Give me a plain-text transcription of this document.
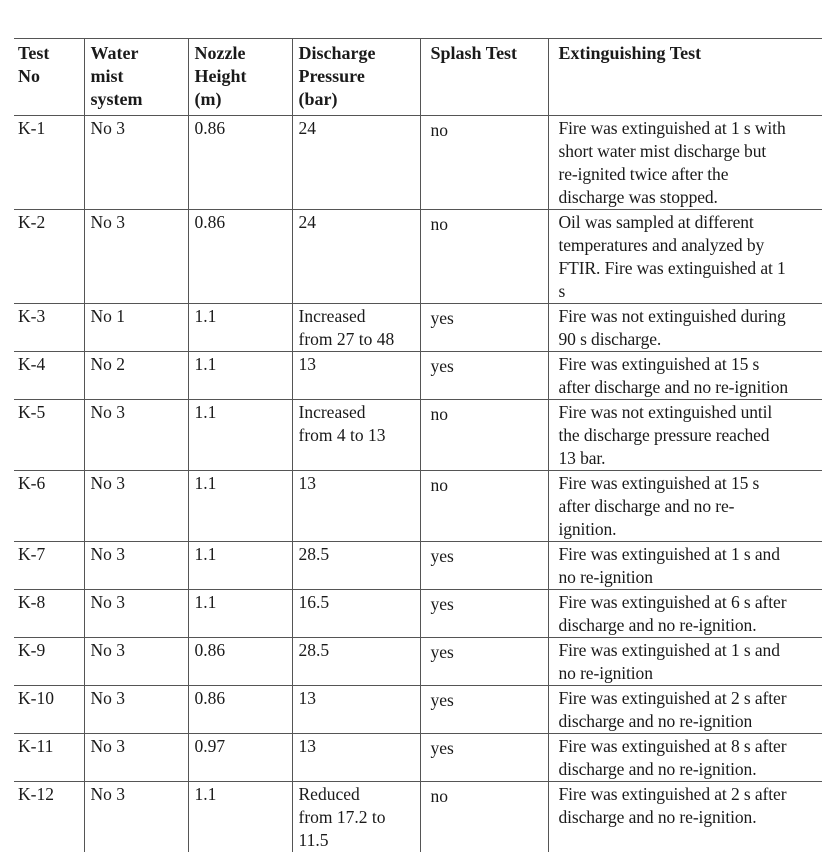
Test
No	Water
mist
system	Nozzle
Height
(m)	Discharge
Pressure
(bar)	Splash Test	Extinguishing Test
K-1	No 3	0.86	24	no	Fire was extinguished at 1 s with
short water mist discharge but
re-ignited twice after the
discharge was stopped.
K-2	No 3	0.86	24	no	Oil was sampled at different
temperatures and analyzed by
FTIR. Fire was extinguished at 1
s
K-3	No 1	1.1	Increased
from 27 to 48	yes	Fire was not extinguished during
90 s discharge.
K-4	No 2	1.1	13	yes	Fire was extinguished at 15 s
after discharge and no re-ignition
K-5	No 3	1.1	Increased
from 4 to 13	no	Fire was not extinguished until
the discharge pressure reached
13 bar.
K-6	No 3	1.1	13	no	Fire was extinguished at 15 s
after discharge and no re-
ignition.
K-7	No 3	1.1	28.5	yes	Fire was extinguished at 1 s and
no re-ignition
K-8	No 3	1.1	16.5	yes	Fire was extinguished at 6 s after
discharge and no re-ignition.
K-9	No 3	0.86	28.5	yes	Fire was extinguished at 1 s and
no re-ignition
K-10	No 3	0.86	13	yes	Fire was extinguished at 2 s after
discharge and no re-ignition
K-11	No 3	0.97	13	yes	Fire was extinguished at 8 s after
discharge and no re-ignition.
K-12	No 3	1.1	Reduced
from 17.2 to
11.5	no	Fire was extinguished at 2 s after
discharge and no re-ignition.
